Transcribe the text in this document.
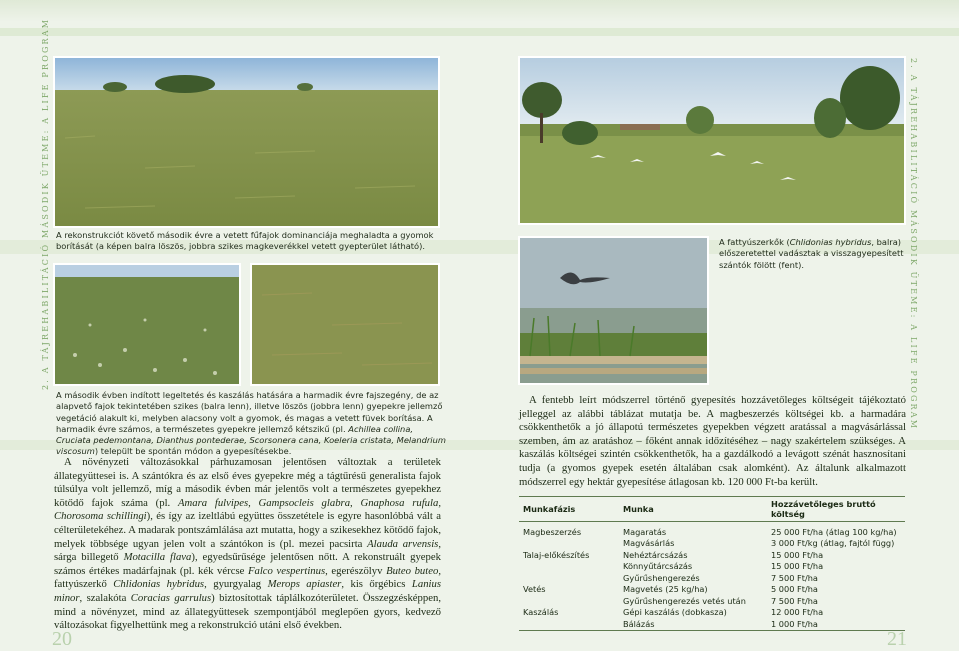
2. A TÁJREHABILITÁCIÓ MÁSODIK ÜTEME: A LIFE PROGRAM	2. A TÁJREHABILITÁCIÓ MÁSODIK ÜTEME: A LIFE PROGRAM
A rekonstrukciót követő második évre a vetett fűfajok dominanciája meghaladta a gyomok borítását (a képen balra löszös, jobbra szikes magkeverékkel vetett gyepterület látható).
A második évben indított legeltetés és kaszálás hatására a harmadik évre fajszegény, de az alapvető fajok tekintetében szikes (balra lenn), illetve löszös (jobbra lenn) gyepekre jellemző vegetáció alakult ki, melyben alacsony volt a gyomok, és magas a vetett füvek borítása. A harmadik évre számos, a természetes gyepekre jellemző kétszikű (pl. Achillea collina, Cruciata pedemontana, Dianthus pontederae, Scorsonera cana, Koeleria cristata, Melandrium viscosum) települt be spontán módon a gyepesítésekbe.

A növényzeti változásokkal párhuzamosan jelentősen változtak a területek állategyüttesei is. A szántókra és az első éves gyepekre még a tágtűrésű generalista fajok túlsúlya volt jellemző, míg a második évben már jelentős volt a természetes gyepekhez kötődő fajok száma (pl. Amara fulvipes, Gampsocleis glabra, Gnaphosa rufula, Chorosoma schillingi), és így az izeltlábú együttes összetétele is egyre hasonlóbbá vált a célterületekéhez. A madarak pontszámlálása azt mutatta, hogy a szikesekhez kötődő fajok, melyek többsége ugyan jelen volt a szántókon is (pl. mezei pacsirta Alauda arvensis, sárga billegető Motacilla flava), egyedsűrűsége jelentősen nőtt. A rekonstruált gyepek számos értékes madárfajnak (pl. kék vércse Falco vespertinus, egerészölyv Buteo buteo, fattyúszerkő Chlidonias hybridus, gyurgyalag Merops apiaster, kis őrgébics Lanius minor, szalakóta Coracias garrulus) biztosítottak táplálkozóterületet. Összegzésképpen, mind a növényzet, mind az állategyüttesek szempontjából meglepően gyors, kedvező változásokat figyelhettünk meg a rekonstrukció utáni első években.

20
A fattyúszerkők (Chlidonias hybridus, balra) előszeretettel vadásztak a visszagyepesített szántók fölött (fent).

A fentebb leírt módszerrel történő gyepesítés hozzávetőleges költségeit tájékoztató jelleggel az alábbi táblázat mutatja be. A magbeszerzés költségei kb. a harmadára csökkenthetők a jó állapotú természetes gyepekben végzett aratással a magvásárlással szemben, ám az aratáshoz – főként annak időzítéséhez – nagy szakértelem szükséges. A kaszálás költségei szintén csökkenthetők, ha a gazdálkodó a levágott szénát hasznosítani tudja (a gyomos gyepek esetén általában csak alomként). Az általunk alkalmazott módszerrel egy hektár gyepesítése átlagosan kb. 120 000 Ft-ba került.

Munkafázis	Munka	Hozzávetőleges bruttó költség
Magbeszerzés	Magaratás	25 000 Ft/ha (átlag 100 kg/ha)
	Magvásárlás	3 000 Ft/kg (átlag, fajtól függ)
Talaj-előkészítés	Nehéztárcsázás	15 000 Ft/ha
	Könnyűtárcsázás	15 000 Ft/ha
	Gyűrűshengerezés	7 500 Ft/ha
Vetés	Magvetés (25 kg/ha)	5 000 Ft/ha
	Gyűrűshengerezés vetés után	7 500 Ft/ha
Kaszálás	Gépi kaszálás (dobkasza)	12 000 Ft/ha
	Bálázás	1 000 Ft/ha
21
